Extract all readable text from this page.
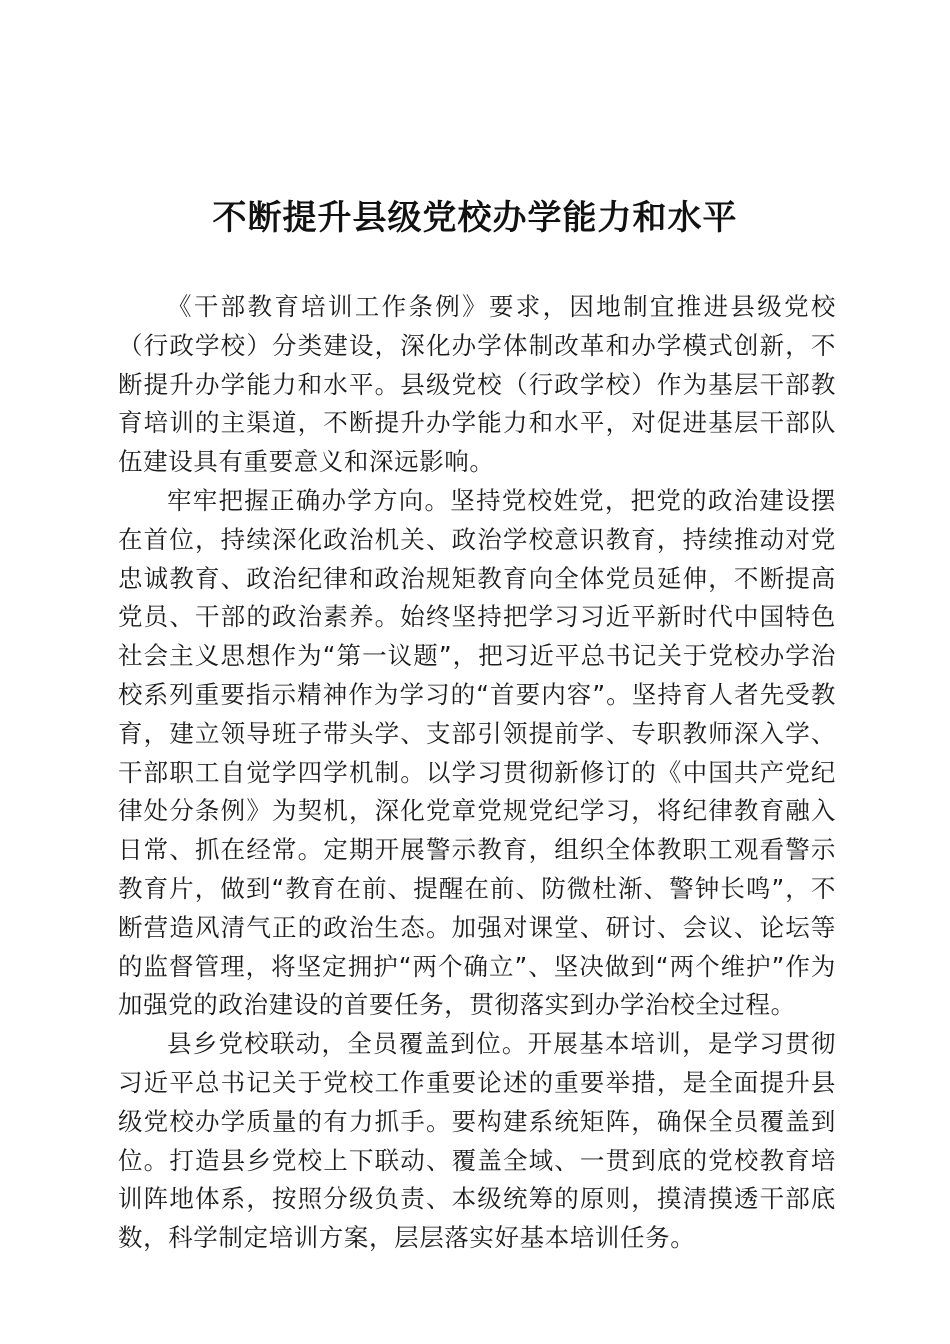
不断提升县级党校办学能力和水平

《干部教育培训工作条例》要求，因地制宜推进县级党校（行政学校）分类建设，深化办学体制改革和办学模式创新，不断提升办学能力和水平。县级党校（行政学校）作为基层干部教育培训的主渠道，不断提升办学能力和水平，对促进基层干部队伍建设具有重要意义和深远影响。

牢牢把握正确办学方向。坚持党校姓党，把党的政治建设摆在首位，持续深化政治机关、政治学校意识教育，持续推动对党忠诚教育、政治纪律和政治规矩教育向全体党员延伸，不断提高党员、干部的政治素养。始终坚持把学习习近平新时代中国特色社会主义思想作为“第一议题”，把习近平总书记关于党校办学治校系列重要指示精神作为学习的“首要内容”。坚持育人者先受教育，建立领导班子带头学、支部引领提前学、专职教师深入学、干部职工自觉学四学机制。以学习贯彻新修订的《中国共产党纪律处分条例》为契机，深化党章党规党纪学习，将纪律教育融入日常、抓在经常。定期开展警示教育，组织全体教职工观看警示教育片，做到“教育在前、提醒在前、防微杜渐、警钟长鸣”，不断营造风清气正的政治生态。加强对课堂、研讨、会议、论坛等的监督管理，将坚定拥护“两个确立”、坚决做到“两个维护”作为加强党的政治建设的首要任务，贯彻落实到办学治校全过程。

县乡党校联动，全员覆盖到位。开展基本培训，是学习贯彻习近平总书记关于党校工作重要论述的重要举措，是全面提升县级党校办学质量的有力抓手。要构建系统矩阵，确保全员覆盖到位。打造县乡党校上下联动、覆盖全域、一贯到底的党校教育培训阵地体系，按照分级负责、本级统筹的原则，摸清摸透干部底数，科学制定培训方案，层层落实好基本培训任务。
